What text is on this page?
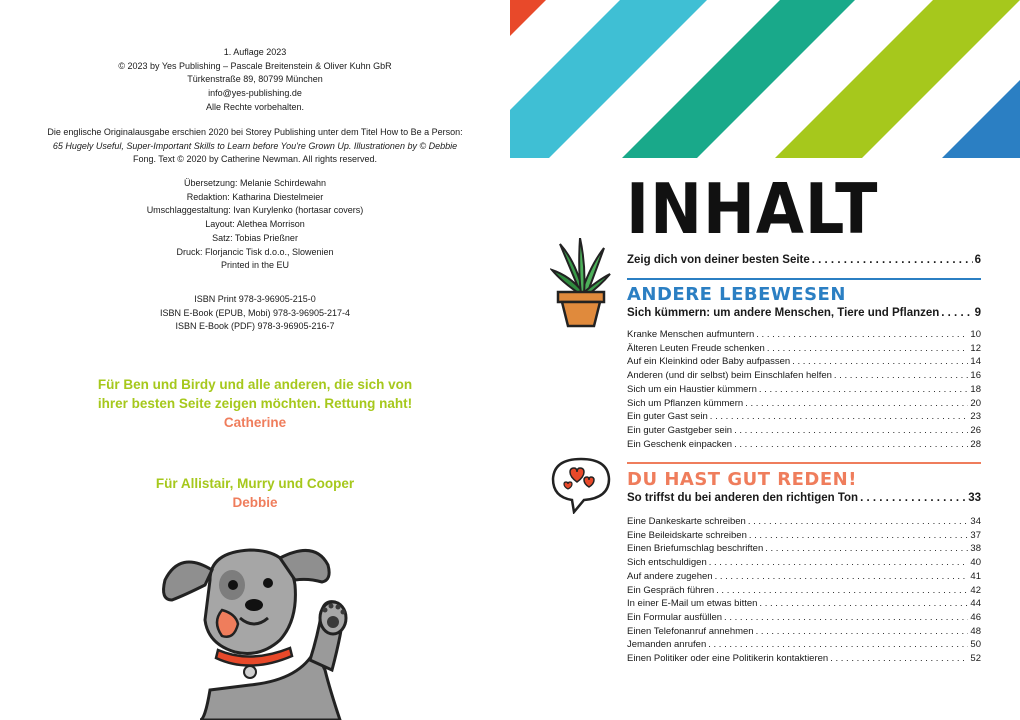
1. Auflage 2023

© 2023 by Yes Publishing – Pascale Breitenstein & Oliver Kuhn GbR

Türkenstraße 89, 80799 München

info@yes-publishing.de

Alle Rechte vorbehalten.

Die englische Originalausgabe erschien 2020 bei Storey Publishing unter dem Titel How to Be a Person:

65 Hugely Useful, Super-Important Skills to Learn before You're Grown Up. Illustrationen by © Debbie

Fong. Text © 2020 by Catherine Newman. All rights reserved.

Übersetzung: Melanie Schirdewahn

Redaktion: Katharina Diestelmeier

Umschlaggestaltung: Ivan Kurylenko (hortasar covers)

Layout: Alethea Morrison

Satz: Tobias Prießner

Druck: Florjancic Tisk d.o.o., Slowenien

Printed in the EU

ISBN Print 978-3-96905-215-0

ISBN E-Book (EPUB, Mobi) 978-3-96905-217-4

ISBN E-Book (PDF) 978-3-96905-216-7

Für Ben und Birdy und alle anderen, die sich von
ihrer besten Seite zeigen möchten. Rettung naht!
Catherine
Für Allistair, Murry und Cooper
Debbie
INHALT
Zeig dich von deiner besten Seite . . .	6
ANDERE LEBEWESEN
Sich kümmern: um andere Menschen, Tiere und Pflanzen . . .	9
Kranke Menschen aufmuntern . . .	10
Älteren Leuten Freude schenken . . .	12
Auf ein Kleinkind oder Baby aufpassen . . .	14
Anderen (und dir selbst) beim Einschlafen helfen . . .	16
Sich um ein Haustier kümmern . . .	18
Sich um Pflanzen kümmern . . .	20
Ein guter Gast sein . . .	23
Ein guter Gastgeber sein . . .	26
Ein Geschenk einpacken . . .	28
DU HAST GUT REDEN!
So triffst du bei anderen den richtigen Ton . . .	33
Eine Dankeskarte schreiben . . .	34
Eine Beileidskarte schreiben . . .	37
Einen Briefumschlag beschriften . . .	38
Sich entschuldigen . . .	40
Auf andere zugehen . . .	41
Ein Gespräch führen . . .	42
In einer E-Mail um etwas bitten . . .	44
Ein Formular ausfüllen . . .	46
Einen Telefonanruf annehmen . . .	48
Jemanden anrufen . . .	50
Einen Politiker oder eine Politikerin kontaktieren . . .	52
